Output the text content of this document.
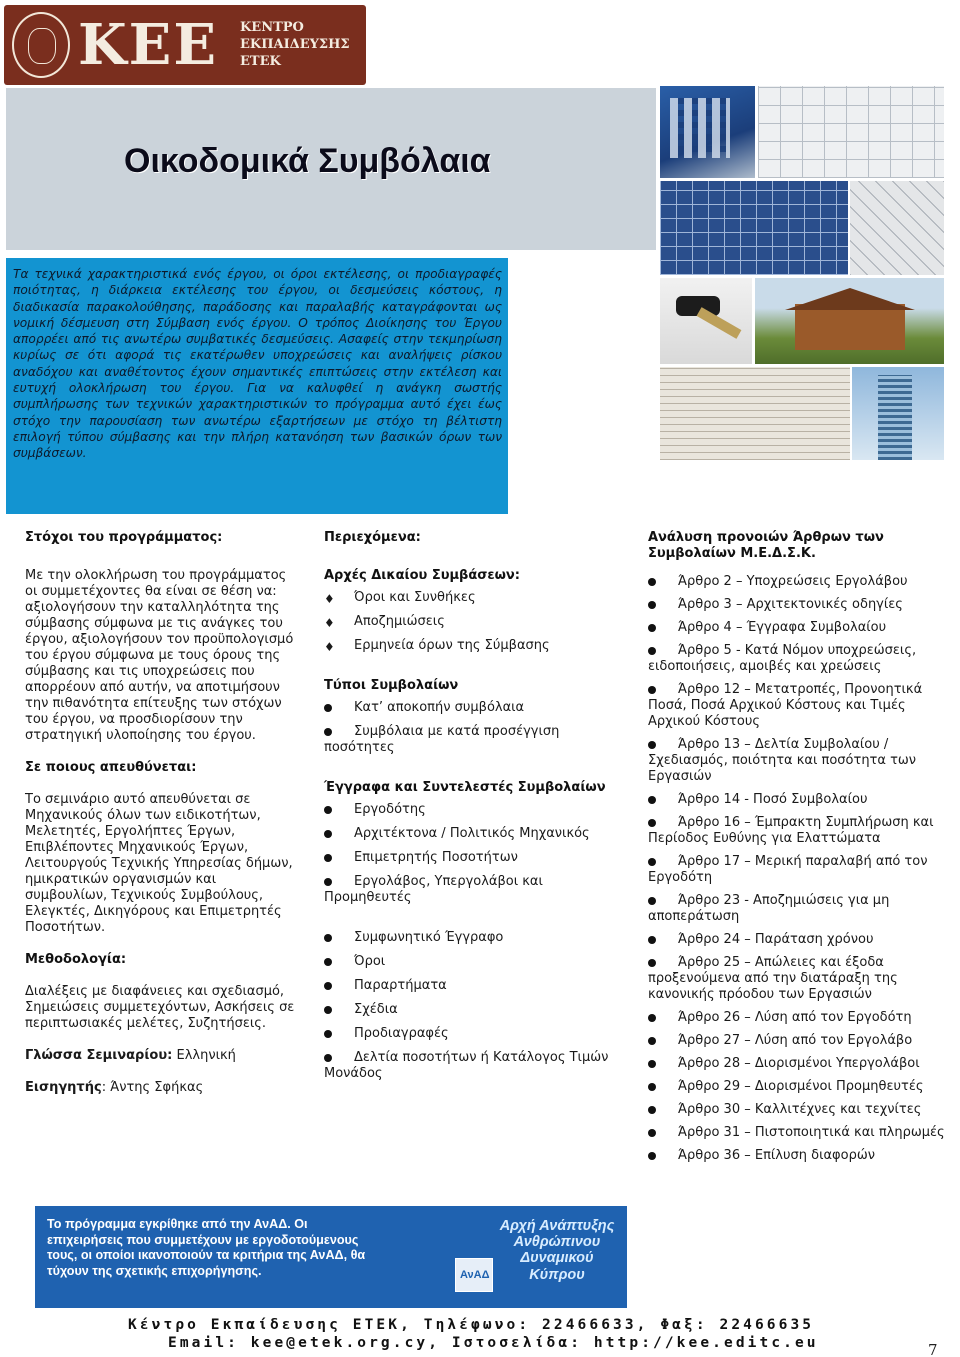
ΚΕΕ ΚΕΝΤΡΟ
ΕΚΠΑΙΔΕΥΣΗΣ
ΕΤΕΚ
Οικοδομικά Συμβόλαια

Τα τεχνικά χαρακτηριστικά ενός έργου, οι όροι εκτέλεσης, οι προδιαγραφές ποιότητας, η διάρκεια εκτέλεσης του έργου, οι δεσμεύσεις κόστους, η διαδικασία παρακολούθησης, παράδοσης και παραλαβής καταγράφονται ως νομική δέσμευση στη Σύμβαση ενός έργου. Ο τρόπος Διοίκησης του Έργου απορρέει από τις ανωτέρω συμβατικές δεσμεύσεις. Ασαφείς στην τεκμηρίωση κυρίως σε ότι αφορά τις εκατέρωθεν υποχρεώσεις και αναλήψεις ρίσκου αναδόχου και αναθέτοντος έχουν σημαντικές επιπτώσεις στην εκτέλεση και ευτυχή ολοκλήρωση του έργου. Για να καλυφθεί η ανάγκη σωστής συμπλήρωσης των τεχνικών χαρακτηριστικών το πρόγραμμα αυτό έχει έως στόχο την παρουσίαση των ανωτέρω εξαρτήσεων με στόχο τη βέλτιστη επιλογή τύπου σύμβασης και την πλήρη κατανόηση των βασικών όρων των συμβάσεων.

Στόχοι του προγράμματος:

Με την ολοκλήρωση του προγράμματος οι συμμετέχοντες θα είναι σε θέση να: αξιολογήσουν την καταλληλότητα της σύμβασης σύμφωνα με τις ανάγκες του έργου, αξιολογήσουν τον προϋπολογισμό του έργου σύμφωνα με τους όρους της σύμβασης και τις υποχρεώσεις που απορρέουν από αυτήν, να αποτιμήσουν την πιθανότητα επίτευξης των στόχων του έργου, να προσδιορίσουν την στρατηγική υλοποίησης του έργου.

Σε ποιους απευθύνεται:

Το σεμινάριο αυτό απευθύνεται σε Μηχανικούς όλων των ειδικοτήτων, Μελετητές, Εργολήπτες Έργων, Επιβλέποντες Μηχανικούς Έργων, Λειτουργούς Τεχνικής Υπηρεσίας δήμων, ημικρατικών οργανισμών και συμβουλίων, Τεχνικούς Συμβούλους, Ελεγκτές, Δικηγόρους και Επιμετρητές Ποσοτήτων.

Μεθοδολογία:

Διαλέξεις με διαφάνειες και σχεδιασμό, Σημειώσεις συμμετεχόντων, Ασκήσεις σε περιπτωσιακές μελέτες, Συζητήσεις.

Γλώσσα Σεμιναρίου: Ελληνική

Εισηγητής: Άντης Σφήκας

Περιεχόμενα:

Αρχές Δικαίου Συμβάσεων:

♦ Όροι και Συνθήκες
♦ Αποζημιώσεις
♦ Ερμηνεία όρων της Σύμβασης

Τύποι Συμβολαίων

Κατ’ αποκοπήν συμβόλαια
Συμβόλαια με κατά προσέγγιση ποσότητες

Έγγραφα και Συντελεστές Συμβολαίων

Εργοδότης
Αρχιτέκτονα / Πολιτικός Μηχανικός
Επιμετρητής Ποσοτήτων
Εργολάβος, Υπεργολάβοι και Προμηθευτές
Συμφωνητικό Έγγραφο
Όροι
Παραρτήματα
Σχέδια
Προδιαγραφές
Δελτία ποσοτήτων ή Κατάλογος Τιμών Μονάδος

Ανάλυση προνοιών Άρθρων των Συμβολαίων Μ.Ε.Δ.Σ.Κ.

Άρθρο 2 – Υποχρεώσεις Εργολάβου
Άρθρο 3 – Αρχιτεκτονικές οδηγίες
Άρθρο 4 – Έγγραφα Συμβολαίου
Άρθρο 5 - Κατά Νόμον υποχρεώσεις, ειδοποιήσεις, αμοιβές και χρεώσεις
Άρθρο 12 – Μετατροπές, Προνοητικά Ποσά, Ποσά Αρχικού Κόστους και Τιμές Αρχικού Κόστους
Άρθρο 13 – Δελτία Συμβολαίου / Σχεδιασμός, ποιότητα και ποσότητα των Εργασιών
Άρθρο 14 - Ποσό Συμβολαίου
Άρθρο 16 – Έμπρακτη Συμπλήρωση και Περίοδος Ευθύνης για Ελαττώματα
Άρθρο 17 – Μερική παραλαβή από τον Εργοδότη
Άρθρο 23 - Αποζημιώσεις για μη αποπεράτωση
Άρθρο 24 – Παράταση χρόνου
Άρθρο 25 – Απώλειες και έξοδα προξενούμενα από την διατάραξη της κανονικής πρόοδου των Εργασιών
Άρθρο 26 – Λύση από τον Εργοδότη
Άρθρο 27 – Λύση από τον Εργολάβο
Άρθρο 28 – Διορισμένοι Υπεργολάβοι
Άρθρο 29 – Διορισμένοι Προμηθευτές
Άρθρο 30 – Καλλιτέχνες και τεχνίτες
Άρθρο 31 – Πιστοποιητικά και πληρωμές
Άρθρο 36 – Επίλυση διαφορών
Το πρόγραμμα εγκρίθηκε από την ΑνΑΔ. Οι επιχειρήσεις που συμμετέχουν με εργοδοτούμενους τους, οι οποίοι ικανοποιούν τα κριτήρια της ΑνΑΔ, θα τύχουν της σχετικής επιχορήγησης.	ΑνΑΔ
Αρχή Ανάπτυξης Ανθρώπινου Δυναμικού Κύπρου
Κέντρο Εκπαίδευσης ΕΤΕΚ, Τηλέφωνο: 22466633, Φαξ: 22466635
Email: kee@etek.org.cy, Ιστοσελίδα: http://kee.editc.eu	7
